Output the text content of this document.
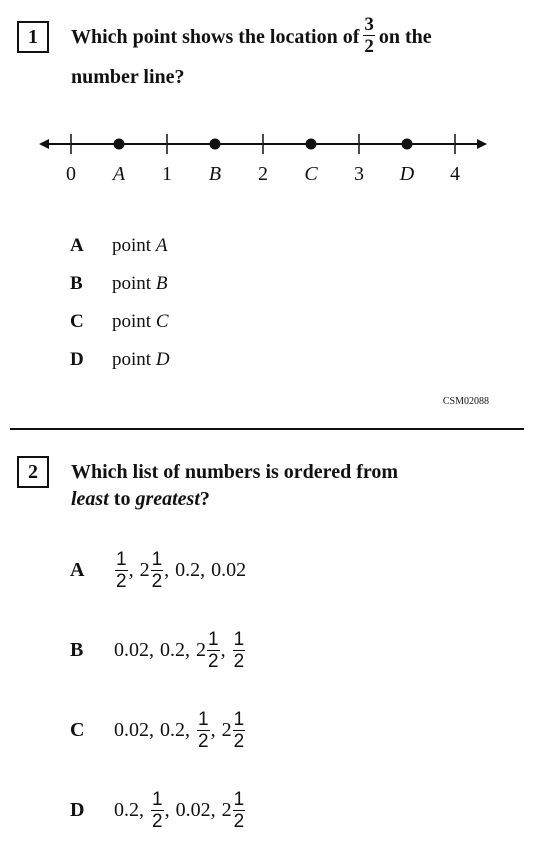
1	Which point shows the location of $\frac{3}{2}$ on the
number line?
0	1	2	3	4
A	B	C	D
A	point
A
B	point
B
C	point
C
D	point
D
CSM02088
2	Which list of numbers is ordered from
least to greatest?
A	$\frac{1}{2}$ , $2 \frac{1}{2}$ , 0.2 , 0.02
B	0.02 , 0.2 , $2 \frac{1}{2}$ , $\frac{1}{2}$
C	0.02 , 0.2 , $\frac{1}{2}$ , $2 \frac{1}{2}$
D	0.2 , $\frac{1}{2}$ , 0.02 , $2 \frac{1}{2}$
